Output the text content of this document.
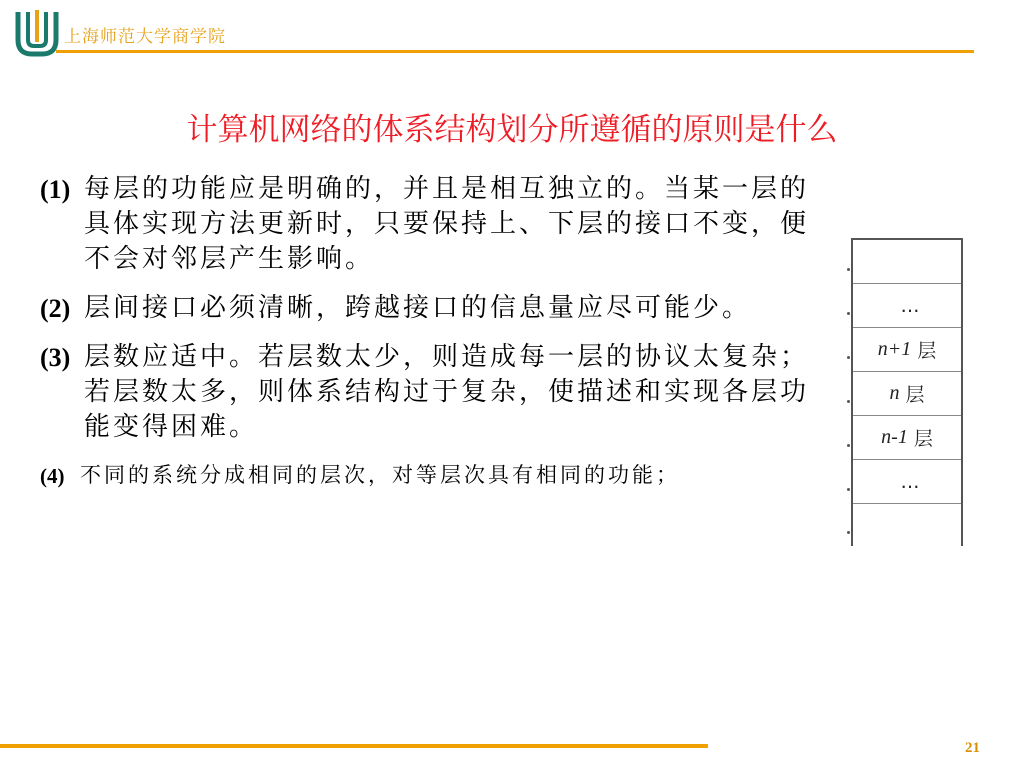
上海师范大学商学院
计算机网络的体系结构划分所遵循的原则是什么
(1) 每层的功能应是明确的，并且是相互独立的。当某一层的具体实现方法更新时，只要保持上、下层的接口不变，便不会对邻层产生影响。
(2) 层间接口必须清晰，跨越接口的信息量应尽可能少。
(3) 层数应适中。若层数太少，则造成每一层的协议太复杂；若层数太多，则体系结构过于复杂，使描述和实现各层功能变得困难。
(4) 不同的系统分成相同的层次，对等层次具有相同的功能；
…
n+1 层
n 层
n-1 层
…
21
